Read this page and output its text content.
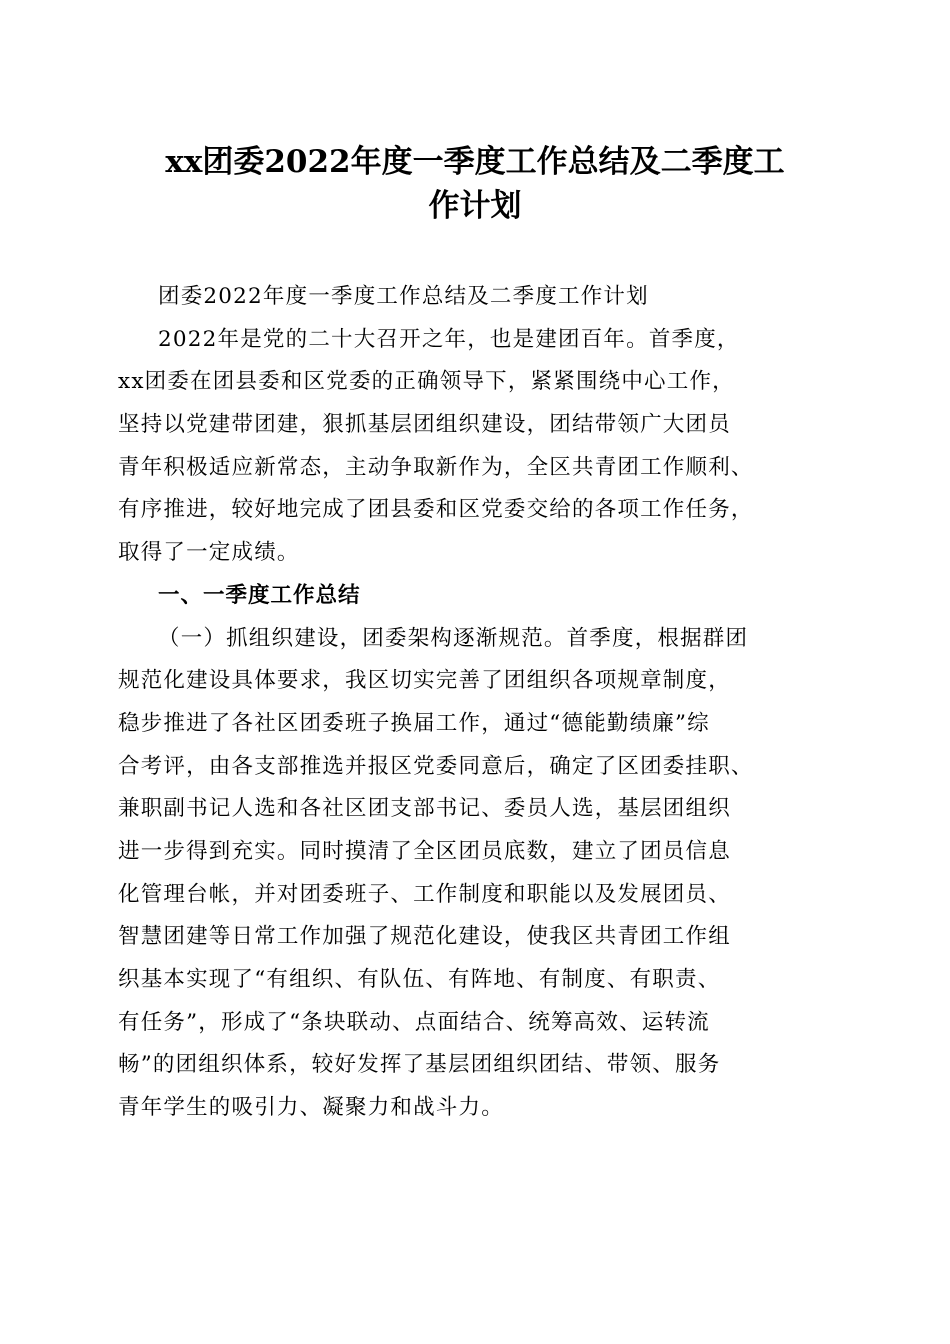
xx团委2022年度一季度工作总结及二季度工
作计划
团委2022年度一季度工作总结及二季度工作计划
2022年是党的二十大召开之年，也是建团百年。首季度，
xx团委在团县委和区党委的正确领导下，紧紧围绕中心工作，
坚持以党建带团建，狠抓基层团组织建设，团结带领广大团员
青年积极适应新常态，主动争取新作为，全区共青团工作顺利、
有序推进，较好地完成了团县委和区党委交给的各项工作任务，
取得了一定成绩。
一、一季度工作总结
（一）抓组织建设，团委架构逐渐规范。首季度，根据群团
规范化建设具体要求，我区切实完善了团组织各项规章制度，
稳步推进了各社区团委班子换届工作，通过“德能勤绩廉”综
合考评，由各支部推选并报区党委同意后，确定了区团委挂职、
兼职副书记人选和各社区团支部书记、委员人选，基层团组织
进一步得到充实。同时摸清了全区团员底数，建立了团员信息
化管理台帐，并对团委班子、工作制度和职能以及发展团员、
智慧团建等日常工作加强了规范化建设，使我区共青团工作组
织基本实现了“有组织、有队伍、有阵地、有制度、有职责、
有任务”，形成了“条块联动、点面结合、统筹高效、运转流
畅”的团组织体系，较好发挥了基层团组织团结、带领、服务
青年学生的吸引力、凝聚力和战斗力。
